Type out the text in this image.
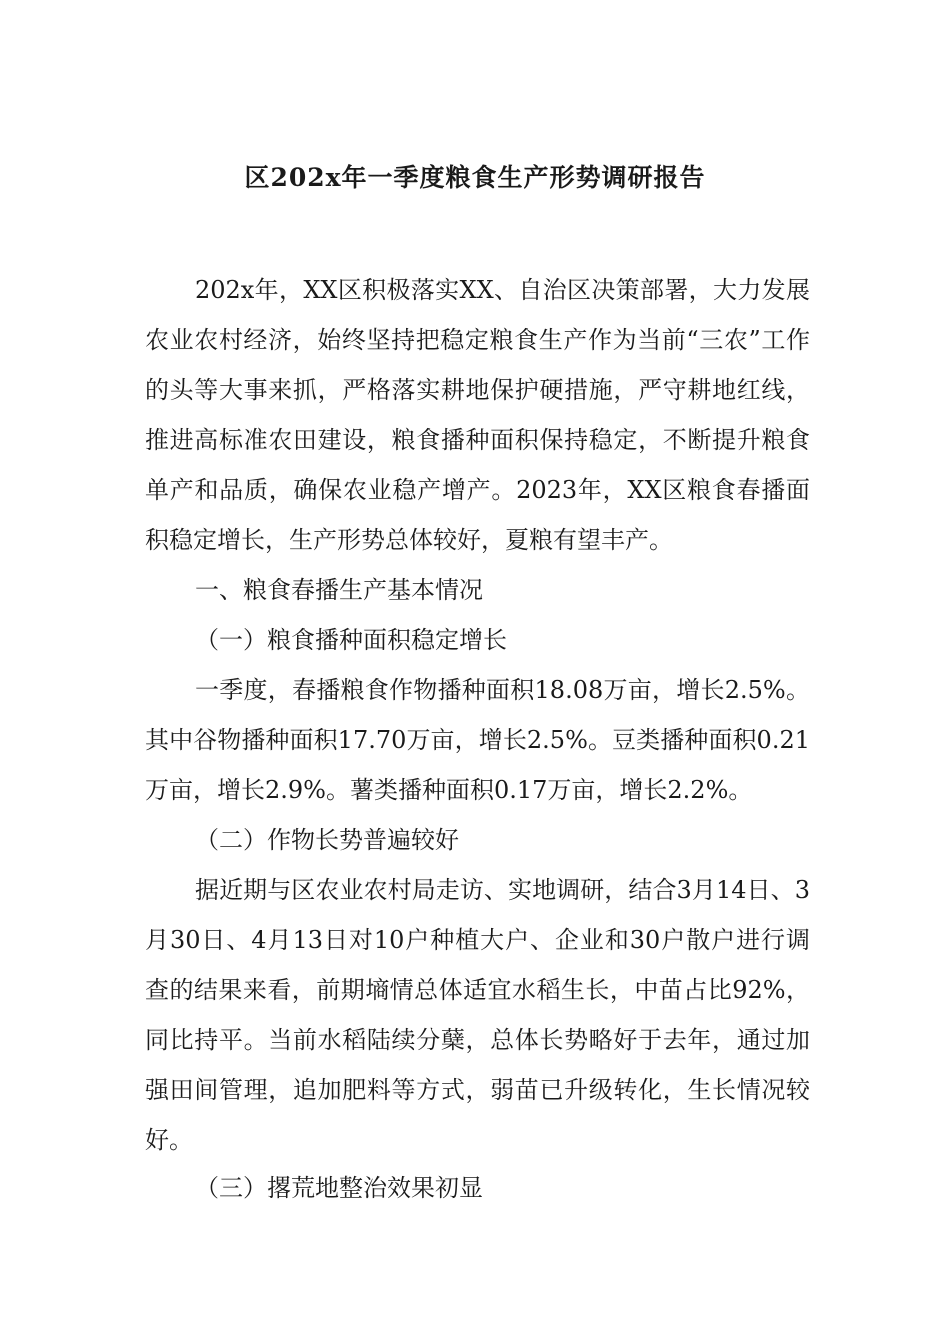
区202x年一季度粮食生产形势调研报告
202x年，XX区积极落实XX、自治区决策部署，大力发展农业农村经济，始终坚持把稳定粮食生产作为当前“三农”工作的头等大事来抓，严格落实耕地保护硬措施，严守耕地红线，推进高标准农田建设，粮食播种面积保持稳定，不断提升粮食单产和品质，确保农业稳产增产。2023年，XX区粮食春播面积稳定增长，生产形势总体较好，夏粮有望丰产。
一、粮食春播生产基本情况
（一）粮食播种面积稳定增长
一季度，春播粮食作物播种面积18.08万亩，增长2.5%。其中谷物播种面积17.70万亩，增长2.5%。豆类播种面积0.21万亩，增长2.9%。薯类播种面积0.17万亩，增长2.2%。
（二）作物长势普遍较好
据近期与区农业农村局走访、实地调研，结合3月14日、3月30日、4月13日对10户种植大户、企业和30户散户进行调查的结果来看，前期墒情总体适宜水稻生长，中苗占比92%，同比持平。当前水稻陆续分蘖，总体长势略好于去年，通过加强田间管理，追加肥料等方式，弱苗已升级转化，生长情况较好。
（三）撂荒地整治效果初显
